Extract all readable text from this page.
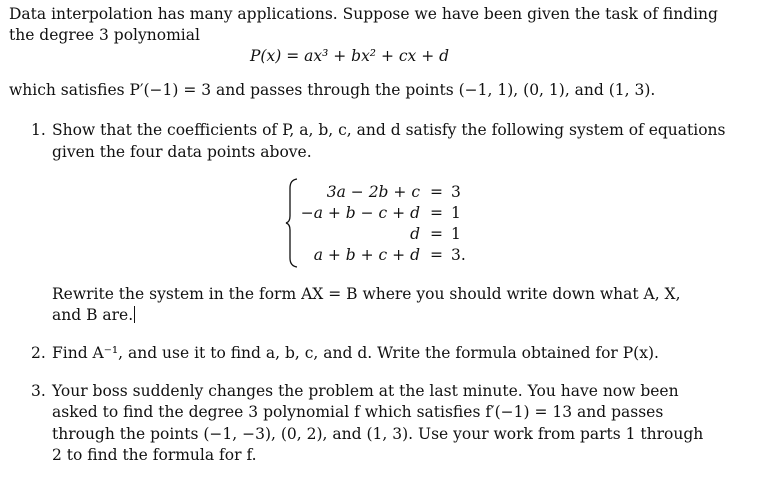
Data interpolation has many applications. Suppose we have been given the task of finding
the degree 3 polynomial
P(x) = ax³ + bx² + cx + d
which satisfies P′(−1) = 3 and passes through the points (−1, 1), (0, 1), and (1, 3).
1. Show that the coefficients of P, a, b, c, and d satisfy the following system of equations
given the four data points above.
3a − 2b + c = 3
−a + b − c + d = 1
d = 1
a + b + c + d = 3.
Rewrite the system in the form AX = B where you should write down what A, X,
and B are.
2. Find A⁻¹, and use it to find a, b, c, and d. Write the formula obtained for P(x).
3. Your boss suddenly changes the problem at the last minute. You have now been
asked to find the degree 3 polynomial f which satisfies f′(−1) = 13 and passes
through the points (−1, −3), (0, 2), and (1, 3). Use your work from parts 1 through
2 to find the formula for f.
